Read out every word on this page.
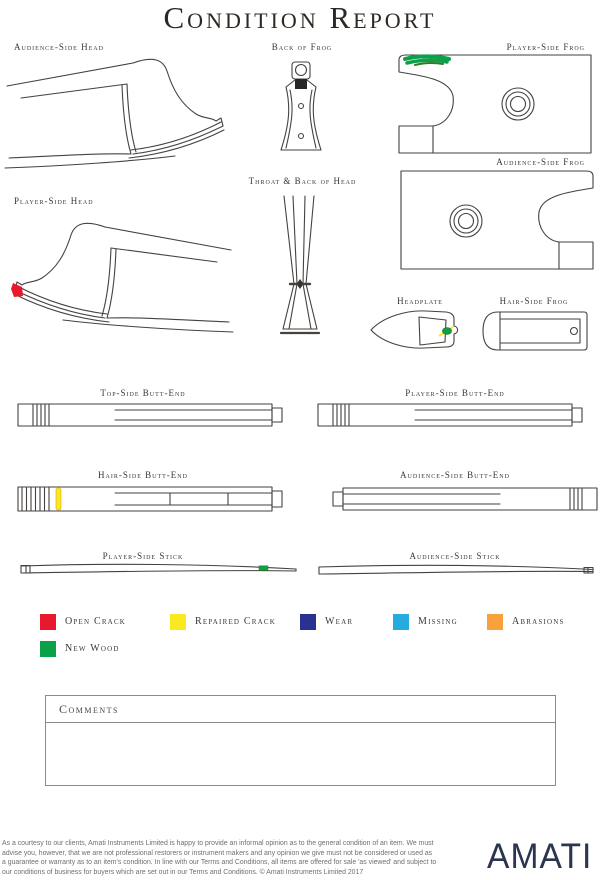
Condition Report
Audience-Side Head	Back of Frog	Player-Side Frog
Audience-Side Frog
Player-Side Head
Throat & Back of Head
Headplate	Hair-Side Frog
Top-Side Butt-End	Player-Side Butt-End
Hair-Side Butt-End	Audience-Side Butt-End
Player-Side Stick	Audience-Side Stick
Open Crack	Repaired Crack	Wear	Missing	Abrasions
New Wood
Comments
As a courtesy to our clients, Amati Instruments Limited is happy to provide an informal opinion as to the general condition of an item. We must
advise you, however, that we are not professional restorers or instrument makers and any opinion we give must not be considered or used as
a guarantee or warranty as to an item's condition. In line with our Terms and Conditions, all items are offered for sale 'as viewed' and subject to
our conditions of business for buyers which are set out in our Terms and Conditions. © Amati Instruments Limited 2017	AMATI
